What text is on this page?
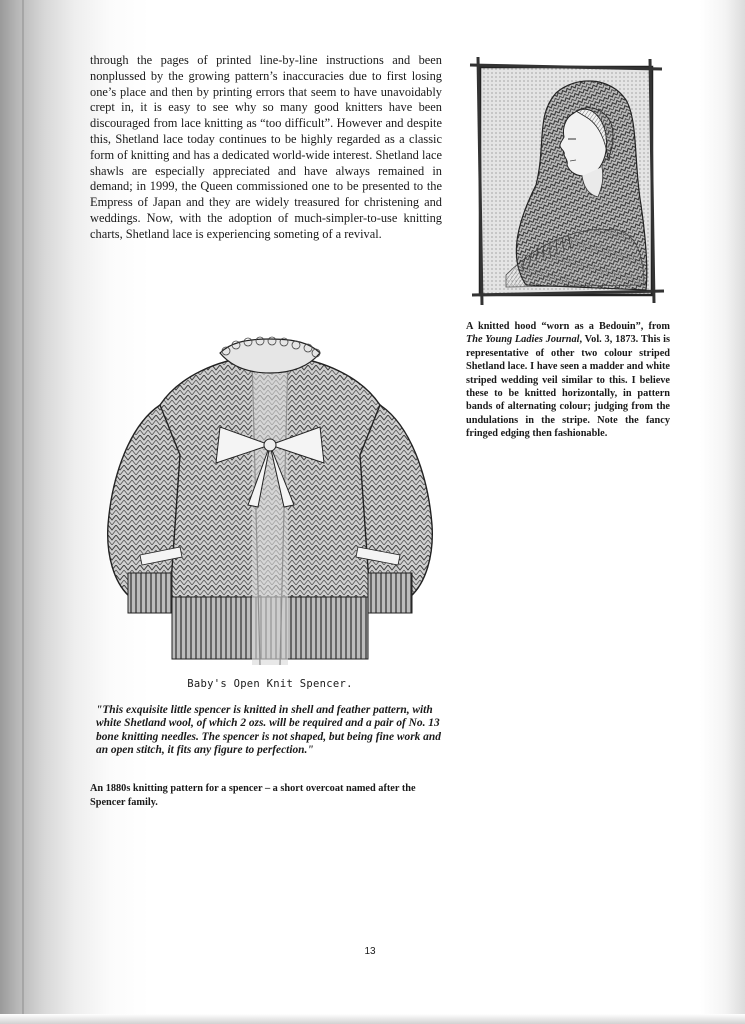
through the pages of printed line-by-line instructions and been nonplussed by the growing pattern’s inaccuracies due to first losing one’s place and then by printing errors that seem to have unavoidably crept in, it is easy to see why so many good knitters have been discouraged from lace knitting as “too difficult”. However and despite this, Shetland lace today continues to be highly regarded as a classic form of knitting and has a dedicated world-wide interest. Shetland lace shawls are especially appreciated and have always remained in demand; in 1999, the Queen commissioned one to be presented to the Empress of Japan and they are widely treasured for christening and weddings. Now, with the adoption of much-simpler-to-use knitting charts, Shetland lace is experiencing someting of a revival.

A knitted hood “worn as a Bedouin”, from The Young Ladies Journal, Vol. 3, 1873. This is representative of other two colour striped Shetland lace. I have seen a madder and white striped wedding veil similar to this. I believe these to be knitted horizontally, in pattern bands of alternating colour; judging from the undulations in the stripe. Note the fancy fringed edging then fashionable.

Baby's Open Knit Spencer.

"This exquisite little spencer is knitted in shell and feather pattern, with white Shetland wool, of which 2 ozs. will be required and a pair of No. 13 bone knitting needles. The spencer is not shaped, but being fine work and an open stitch, it fits any figure to perfection."

An 1880s knitting pattern for a spencer – a short overcoat named after the Spencer family.

13
